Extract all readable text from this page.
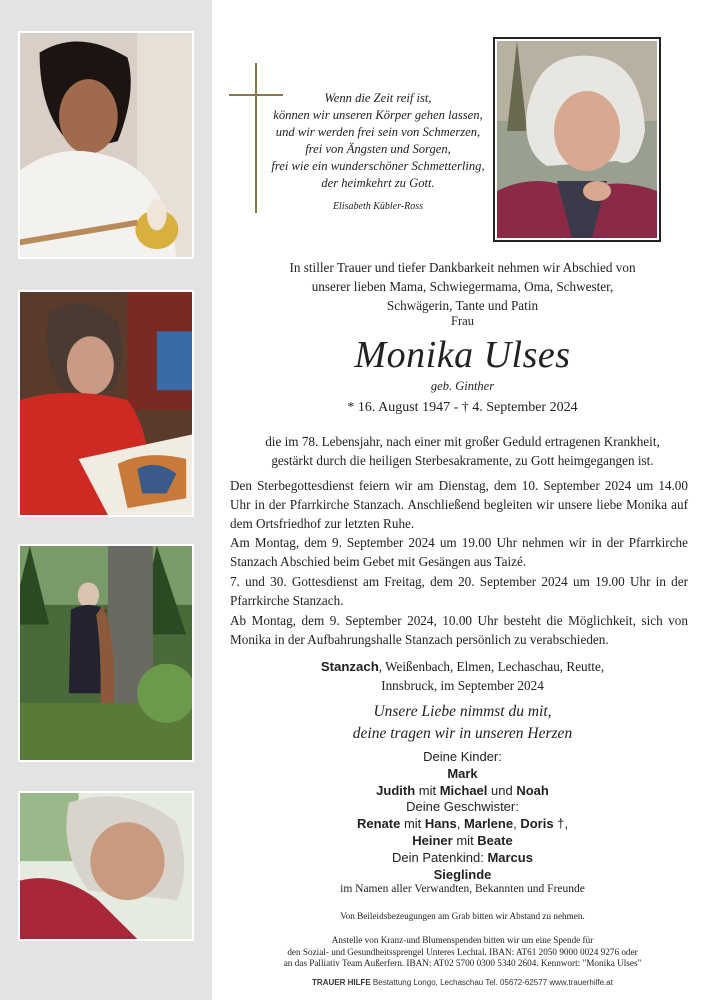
Wenn die Zeit reif ist,
können wir unseren Körper gehen lassen,
und wir werden frei sein von Schmerzen,
frei von Ängsten und Sorgen,
frei wie ein wunderschöner Schmetterling,
der heimkehrt zu Gott.
Elisabeth Kübler-Ross
In stiller Trauer und tiefer Dankbarkeit nehmen wir Abschied von
unserer lieben Mama, Schwiegermama, Oma, Schwester,
Schwägerin, Tante und Patin
Frau
Monika Ulses
geb. Ginther
* 16. August 1947 - † 4. September 2024
die im 78. Lebensjahr, nach einer mit großer Geduld ertragenen Krankheit,
gestärkt durch die heiligen Sterbesakramente, zu Gott heimgegangen ist.
Den Sterbegottesdienst feiern wir am Dienstag, dem 10. September 2024 um 14.00 Uhr in der Pfarrkirche Stanzach. Anschließend begleiten wir unsere liebe Monika auf dem Ortsfriedhof zur letzten Ruhe.
Am Montag, dem 9. September 2024 um 19.00 Uhr nehmen wir in der Pfarrkirche Stanzach Abschied beim Gebet mit Gesängen aus Taizé.
7. und 30. Gottesdienst am Freitag, dem 20. September 2024 um 19.00 Uhr in der Pfarrkirche Stanzach.
Ab Montag, dem 9. September 2024, 10.00 Uhr besteht die Möglichkeit, sich von Monika in der Aufbahrungshalle Stanzach persönlich zu verabschieden.
Stanzach, Weißenbach, Elmen, Lechaschau, Reutte,
Innsbruck, im September 2024
Unsere Liebe nimmst du mit,
deine tragen wir in unseren Herzen
Deine Kinder:
Mark
Judith mit Michael und Noah
Deine Geschwister:
Renate mit Hans, Marlene, Doris †,
Heiner mit Beate
Dein Patenkind: Marcus
Sieglinde
im Namen aller Verwandten, Bekannten und Freunde
Von Beileidsbezeugungen am Grab bitten wir Abstand zu nehmen.
Anstelle von Kranz-und Blumenspenden bitten wir um eine Spende für
den Sozial- und Gesundheitssprengel Unteres Lechtal. IBAN: AT61 2050 9000 0024 9276 oder
an das Palliativ Team Außerfern. IBAN: AT02 5700 0300 5340 2604. Kennwort: "Monika Ulses"
TRAUER HILFE Bestattung Longo, Lechaschau Tel. 05672-62577 www.trauerhilfe.at
